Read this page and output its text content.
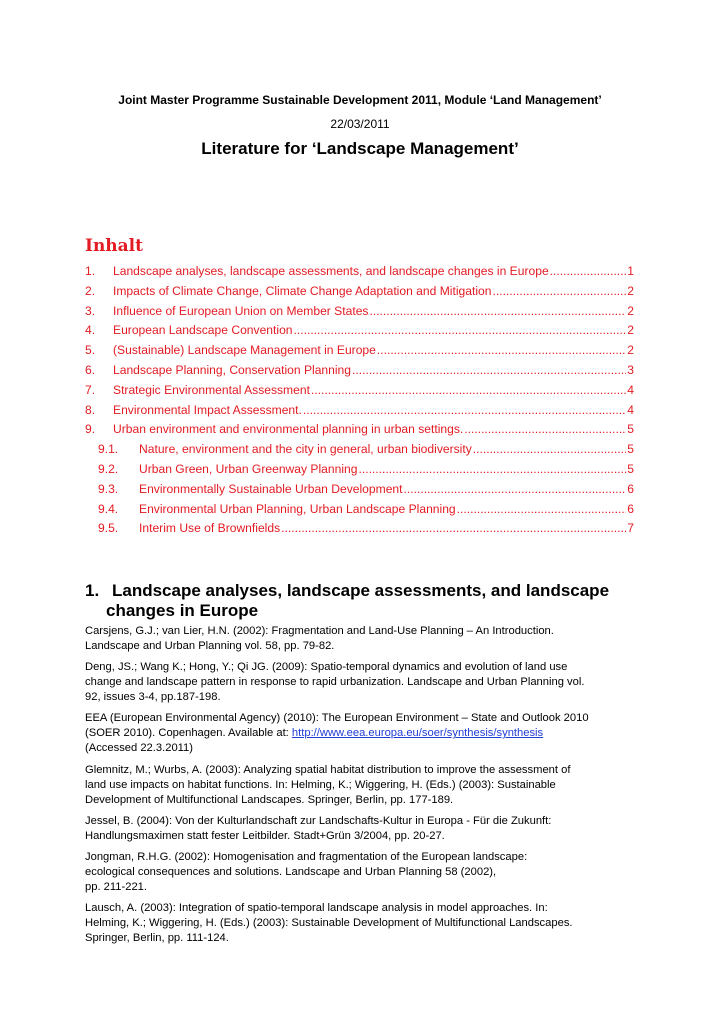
Joint Master Programme Sustainable Development 2011, Module ‘Land Management’
22/03/2011
Literature for ‘Landscape Management’
Inhalt
1.	Landscape analyses, landscape assessments, and landscape changes in Europe .....	1
2.	Impacts of Climate Change, Climate Change Adaptation and Mitigation .....	2
3.	Influence of European Union on Member States .....	2
4.	European Landscape Convention .....	2
5.	(Sustainable) Landscape Management in Europe .....	2
6.	Landscape Planning, Conservation Planning .....	3
7.	Strategic Environmental Assessment .....	4
8.	Environmental Impact Assessment. .....	4
9.	Urban environment and environmental planning in urban settings. .....	5
9.1.	Nature, environment and the city in general, urban biodiversity .....	5
9.2.	Urban Green, Urban Greenway Planning .....	5
9.3.	Environmentally Sustainable Urban Development .....	6
9.4.	Environmental Urban Planning, Urban Landscape Planning .....	6
9.5.	Interim Use of Brownfields .....	7
1. Landscape analyses, landscape assessments, and landscape
changes in Europe
Carsjens, G.J.; van Lier, H.N. (2002): Fragmentation and Land-Use Planning – An Introduction.
Landscape and Urban Planning vol. 58, pp. 79-82.
Deng, JS.; Wang K.; Hong, Y.; Qi JG. (2009): Spatio-temporal dynamics and evolution of land use
change and landscape pattern in response to rapid urbanization. Landscape and Urban Planning vol.
92, issues 3-4, pp.187-198.
EEA (European Environmental Agency) (2010): The European Environment – State and Outlook 2010
(SOER 2010). Copenhagen. Available at: http://www.eea.europa.eu/soer/synthesis/synthesis
(Accessed 22.3.2011)
Glemnitz, M.; Wurbs, A. (2003): Analyzing spatial habitat distribution to improve the assessment of
land use impacts on habitat functions. In: Helming, K.; Wiggering, H. (Eds.) (2003): Sustainable
Development of Multifunctional Landscapes. Springer, Berlin, pp. 177-189.
Jessel, B. (2004): Von der Kulturlandschaft zur Landschafts-Kultur in Europa - Für die Zukunft:
Handlungsmaximen statt fester Leitbilder. Stadt+Grün 3/2004, pp. 20-27.
Jongman, R.H.G. (2002): Homogenisation and fragmentation of the European landscape:
ecological consequences and solutions. Landscape and Urban Planning 58 (2002),
pp. 211-221.
Lausch, A. (2003): Integration of spatio-temporal landscape analysis in model approaches. In:
Helming, K.; Wiggering, H. (Eds.) (2003): Sustainable Development of Multifunctional Landscapes.
Springer, Berlin, pp. 111-124.
